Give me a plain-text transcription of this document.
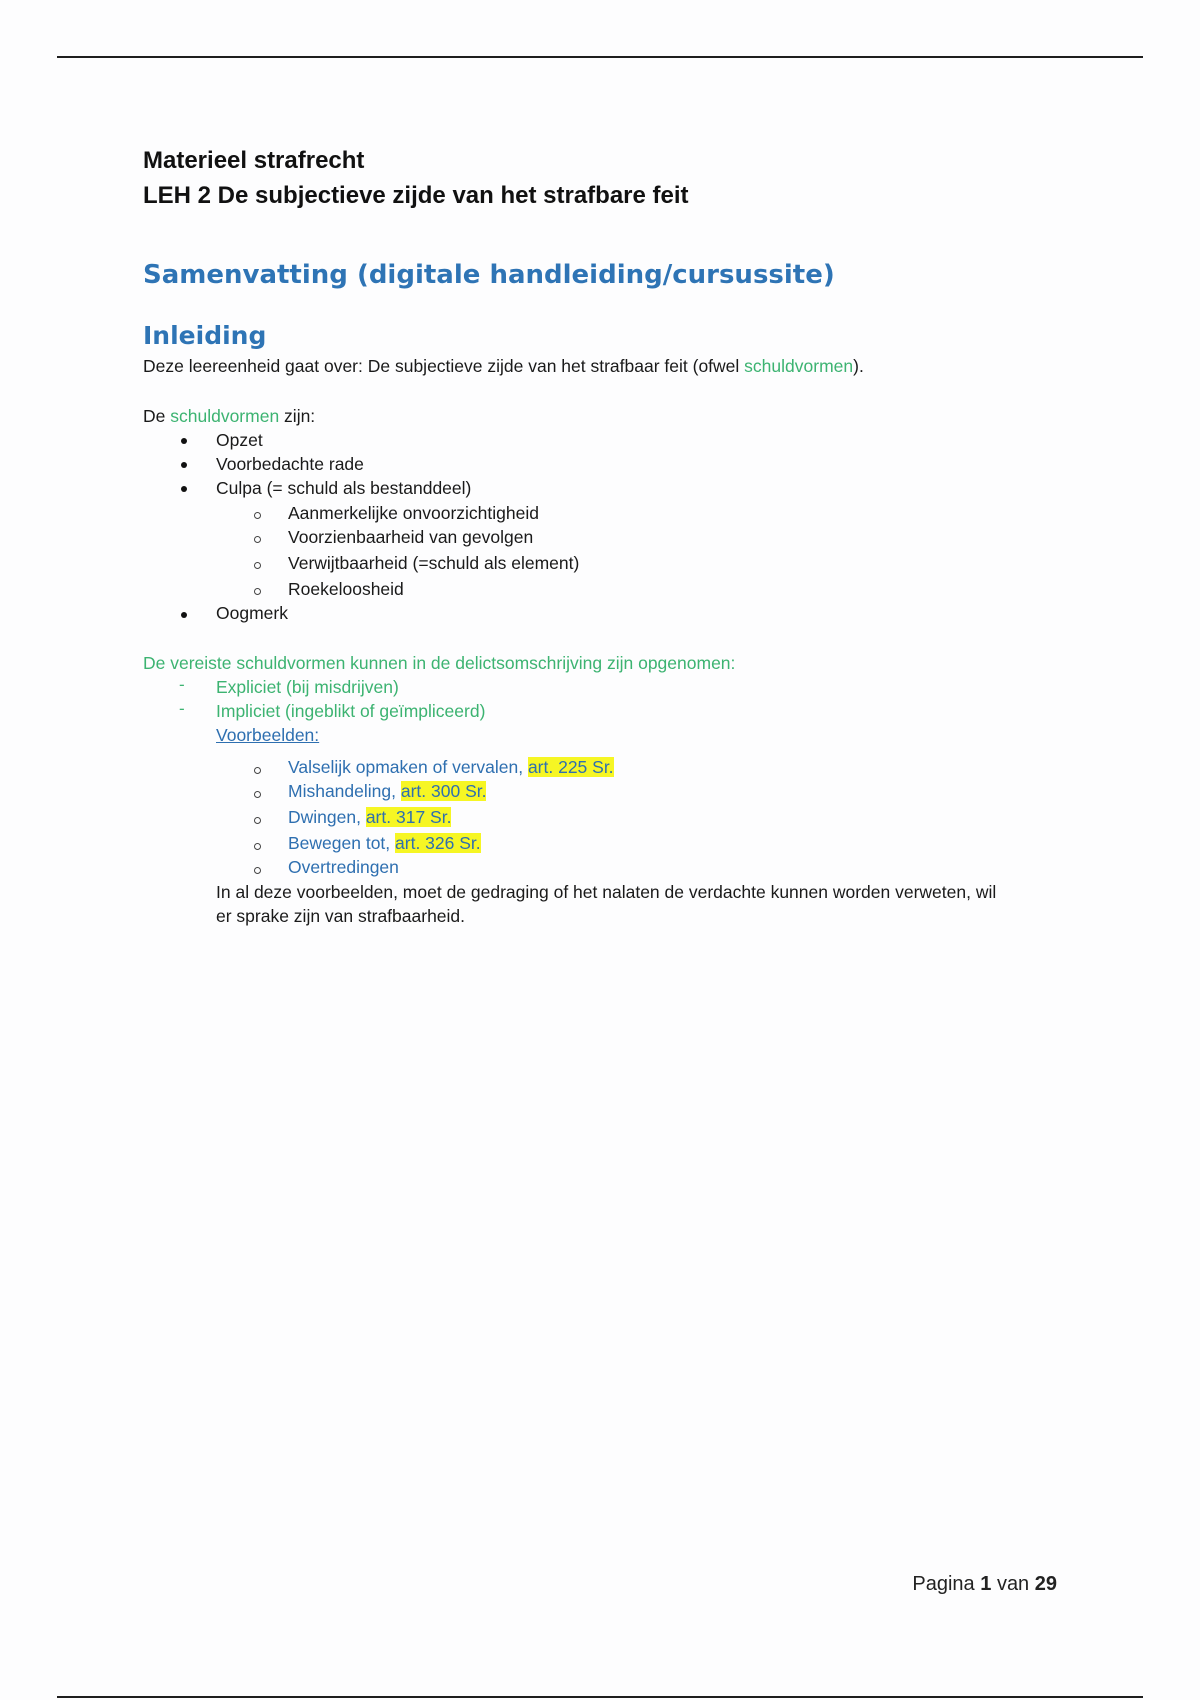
Materieel strafrecht

LEH 2 De subjectieve zijde van het strafbare feit

Samenvatting (digitale handleiding/cursussite)
Inleiding
Deze leereenheid gaat over: De subjectieve zijde van het strafbaar feit (ofwel schuldvormen).
De schuldvormen zijn:
Opzet
Voorbedachte rade
Culpa (= schuld als bestanddeel)
Aanmerkelijke onvoorzichtigheid
Voorzienbaarheid van gevolgen
Verwijtbaarheid (=schuld als element)
Roekeloosheid
Oogmerk
De vereiste schuldvormen kunnen in de delictsomschrijving zijn opgenomen:
- Expliciet (bij misdrijven)
- Impliciet (ingeblikt of geïmpliceerd)
Voorbeelden:
Valselijk opmaken of vervalen, art. 225 Sr.
Mishandeling, art. 300 Sr.
Dwingen, art. 317 Sr.
Bewegen tot, art. 326 Sr.
Overtredingen
In al deze voorbeelden, moet de gedraging of het nalaten de verdachte kunnen worden verweten, wil
er sprake zijn van strafbaarheid.
Pagina 1 van 29
